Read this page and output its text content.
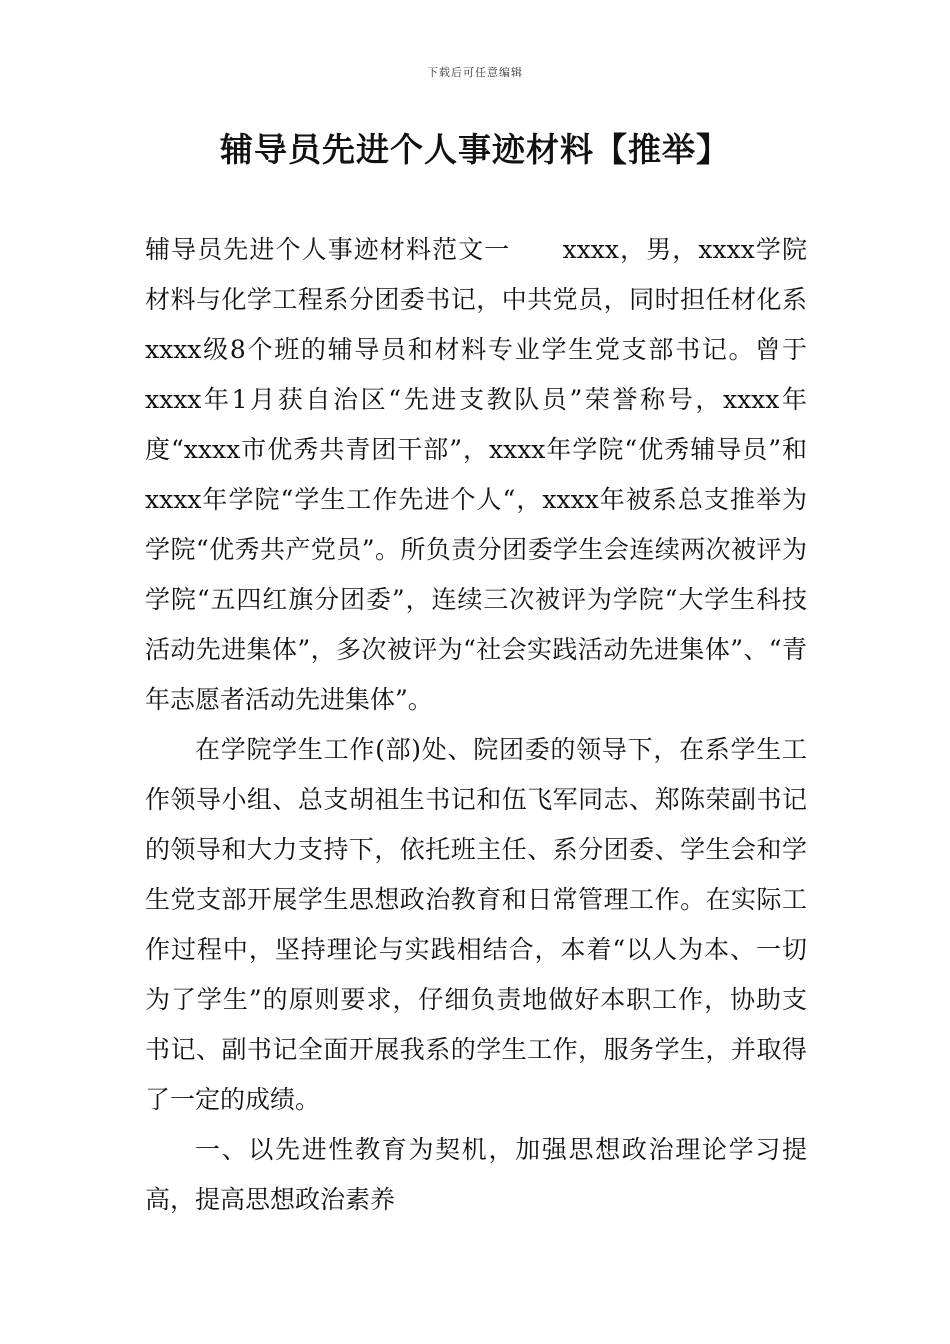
下载后可任意编辑
辅导员先进个人事迹材料【推举】

辅导员先进个人事迹材料范文一　　xxxx，男，xxxx学院材料与化学工程系分团委书记，中共党员，同时担任材化系xxxx级8个班的辅导员和材料专业学生党支部书记。曾于xxxx年1月获自治区“先进支教队员”荣誉称号，xxxx年度“xxxx市优秀共青团干部”，xxxx年学院“优秀辅导员”和xxxx年学院“学生工作先进个人“，xxxx年被系总支推举为学院“优秀共产党员”。所负责分团委学生会连续两次被评为学院“五四红旗分团委”，连续三次被评为学院“大学生科技活动先进集体”，多次被评为“社会实践活动先进集体”、“青年志愿者活动先进集体”。

在学院学生工作(部)处、院团委的领导下，在系学生工作领导小组、总支胡祖生书记和伍飞军同志、郑陈荣副书记的领导和大力支持下，依托班主任、系分团委、学生会和学生党支部开展学生思想政治教育和日常管理工作。在实际工作过程中，坚持理论与实践相结合，本着“以人为本、一切为了学生”的原则要求，仔细负责地做好本职工作，协助支书记、副书记全面开展我系的学生工作，服务学生，并取得了一定的成绩。

一、以先进性教育为契机，加强思想政治理论学习提高，提高思想政治素养
